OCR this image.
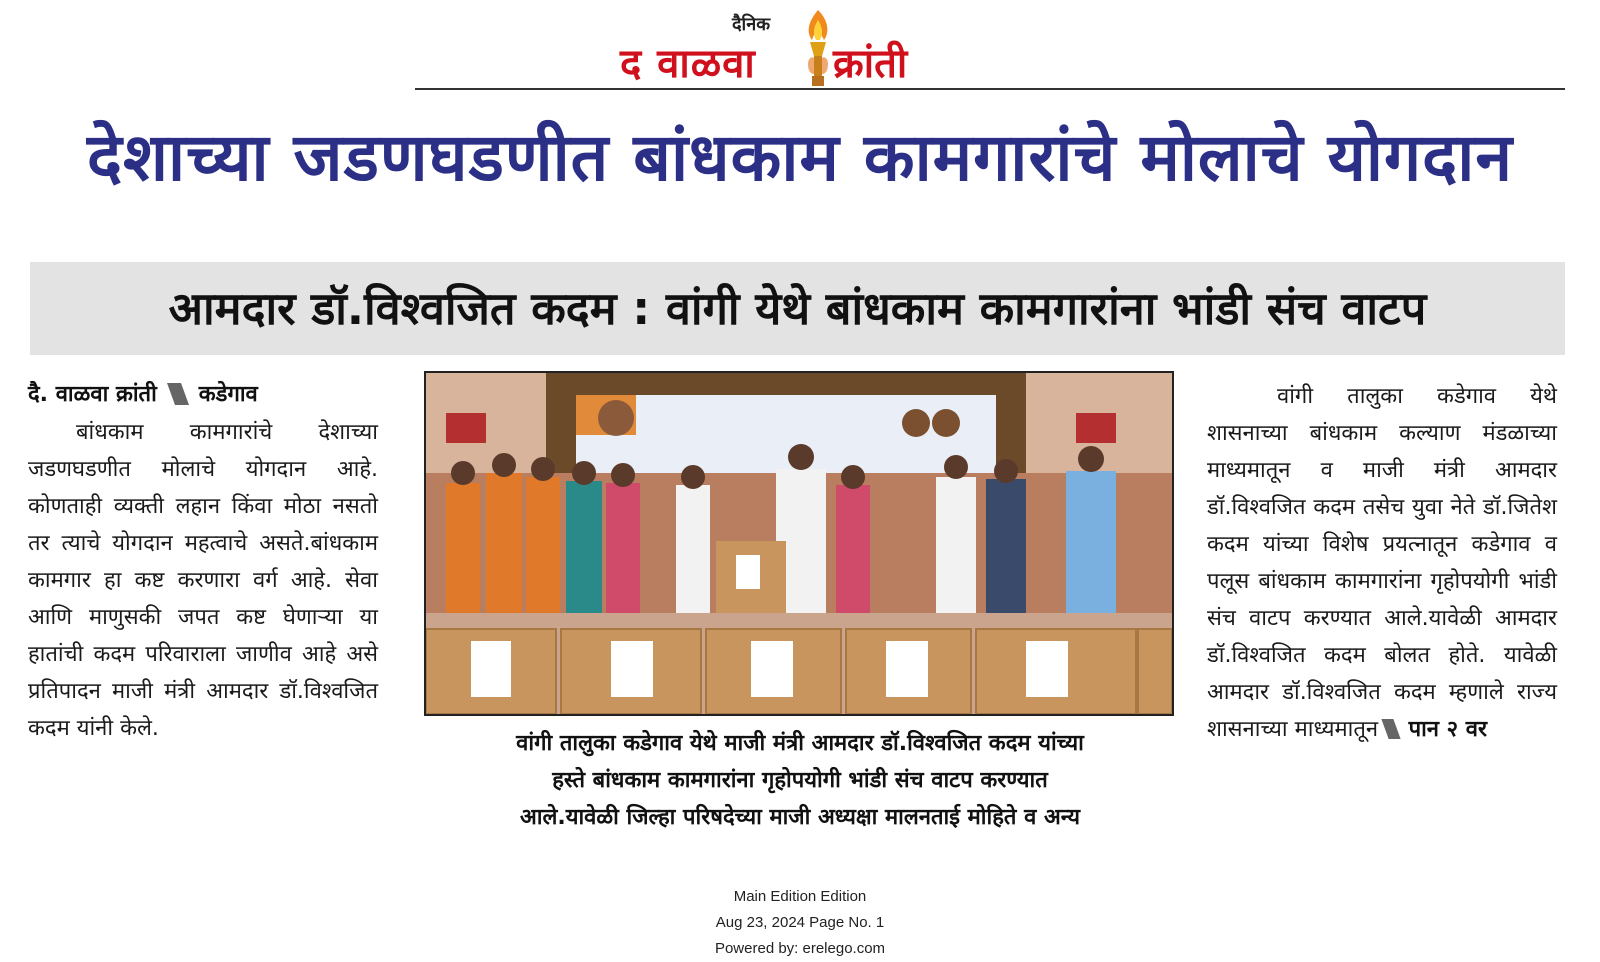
दैनिक
द वाळवा क्रांती
देशाच्या जडणघडणीत बांधकाम कामगारांचे मोलाचे योगदान
आमदार डॉ.विश्वजित कदम : वांगी येथे बांधकाम कामगारांना भांडी संच वाटप
दै. वाळवा क्रांती कडेगाव
बांधकाम कामगारांचे देशाच्या जडणघडणीत मोलाचे योगदान आहे. कोणताही व्यक्ती लहान किंवा मोठा नसतो तर त्याचे योगदान महत्वाचे असते.बांधकाम कामगार हा कष्ट करणारा वर्ग आहे. सेवा आणि माणुसकी जपत कष्ट घेणाऱ्या या हातांची कदम परिवाराला जाणीव आहे असे प्रतिपादन माजी मंत्री आमदार डॉ.विश्वजित कदम यांनी केले.
वांगी तालुका कडेगाव येथे माजी मंत्री आमदार डॉ.विश्वजित कदम यांच्या
हस्ते बांधकाम कामगारांना गृहोपयोगी भांडी संच वाटप करण्यात
आले.यावेळी जिल्हा परिषदेच्या माजी अध्यक्षा मालनताई मोहिते व अन्य
वांगी तालुका कडेगाव येथे शासनाच्या बांधकाम कल्याण मंडळाच्या माध्यमातून व माजी मंत्री आमदार डॉ.विश्वजित कदम तसेच युवा नेते डॉ.जितेश कदम यांच्या विशेष प्रयत्नातून कडेगाव व पलूस बांधकाम कामगारांना गृहोपयोगी भांडी संच वाटप करण्यात आले.यावेळी आमदार डॉ.विश्वजित कदम बोलत होते. यावेळी आमदार डॉ.विश्वजित कदम म्हणाले राज्य शासनाच्या माध्यमातून	पान २ वर
Main Edition Edition
Aug 23, 2024 Page No. 1
Powered by: erelego.com
